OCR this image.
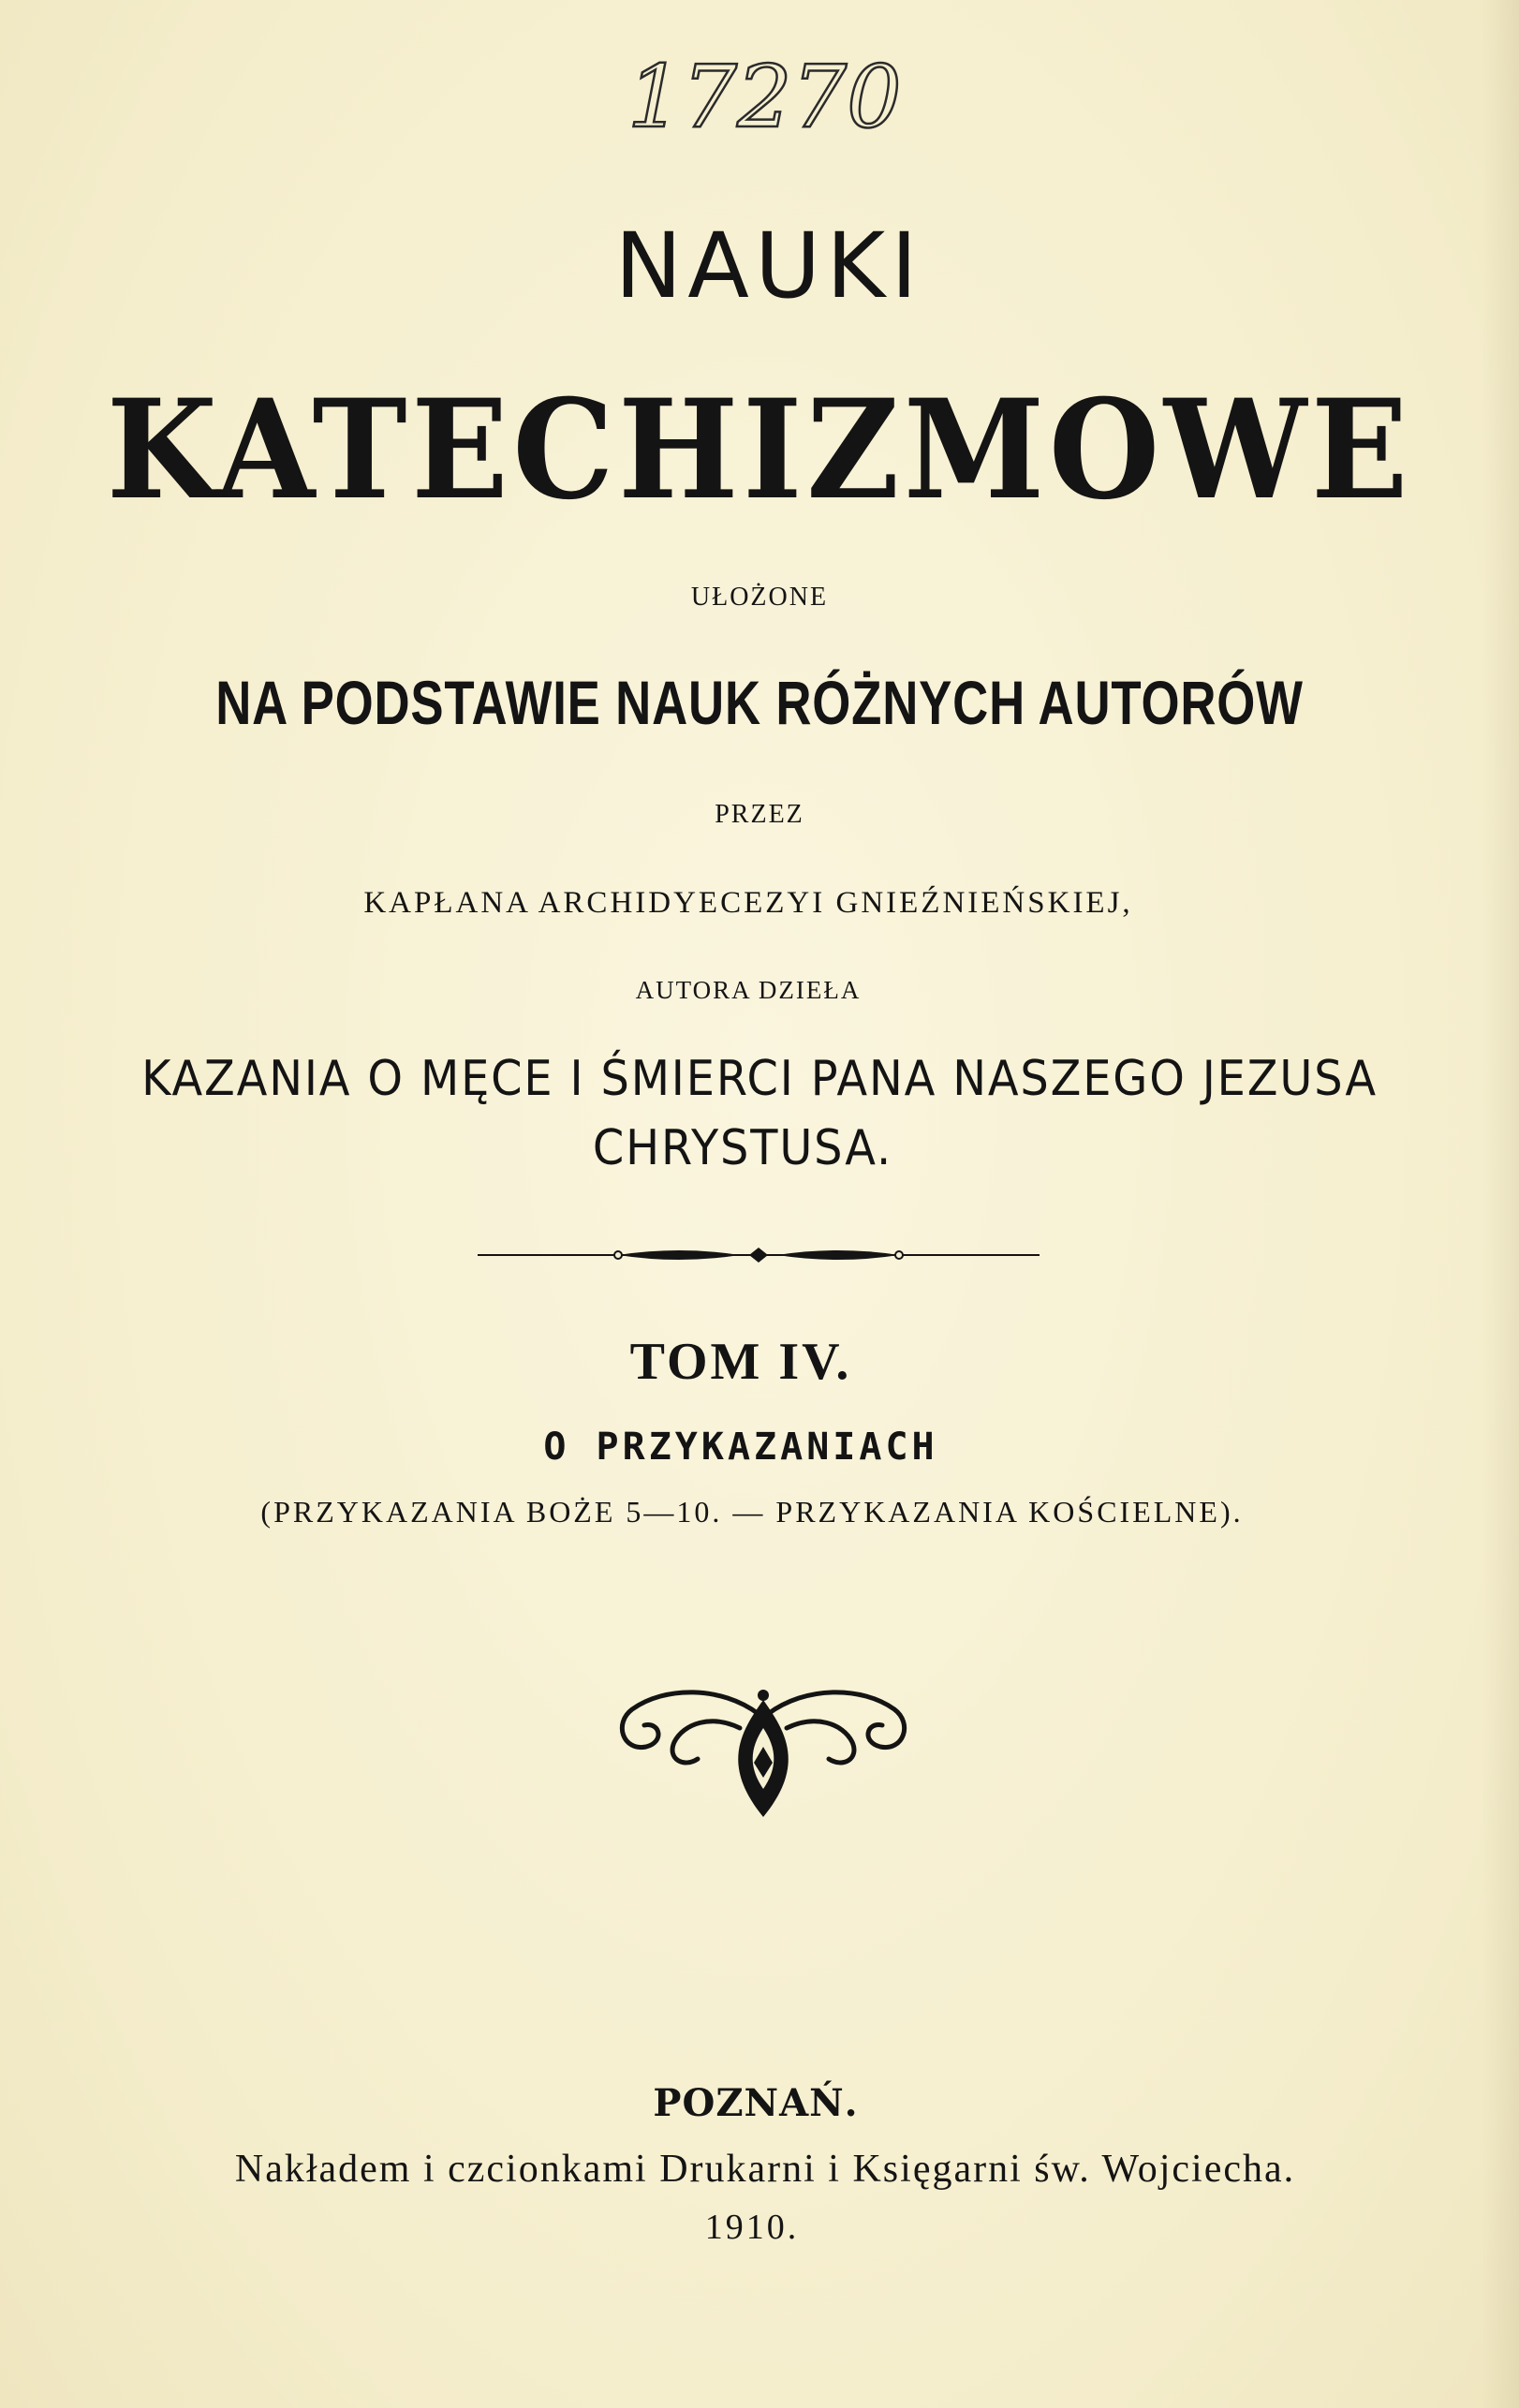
17270
NAUKI
KATECHIZMOWE
UŁOŻONE
NA PODSTAWIE NAUK RÓŻNYCH AUTORÓW
PRZEZ
KAPŁANA ARCHIDYECEZYI GNIEŹNIEŃSKIEJ,
AUTORA DZIEŁA
KAZANIA O MĘCE I ŚMIERCI PANA NASZEGO JEZUSA
CHRYSTUSA.
TOM IV.
O PRZYKAZANIACH
(PRZYKAZANIA BOŻE 5—10. — PRZYKAZANIA KOŚCIELNE).
POZNAŃ.
Nakładem i czcionkami Drukarni i Księgarni św. Wojciecha.
1910.
